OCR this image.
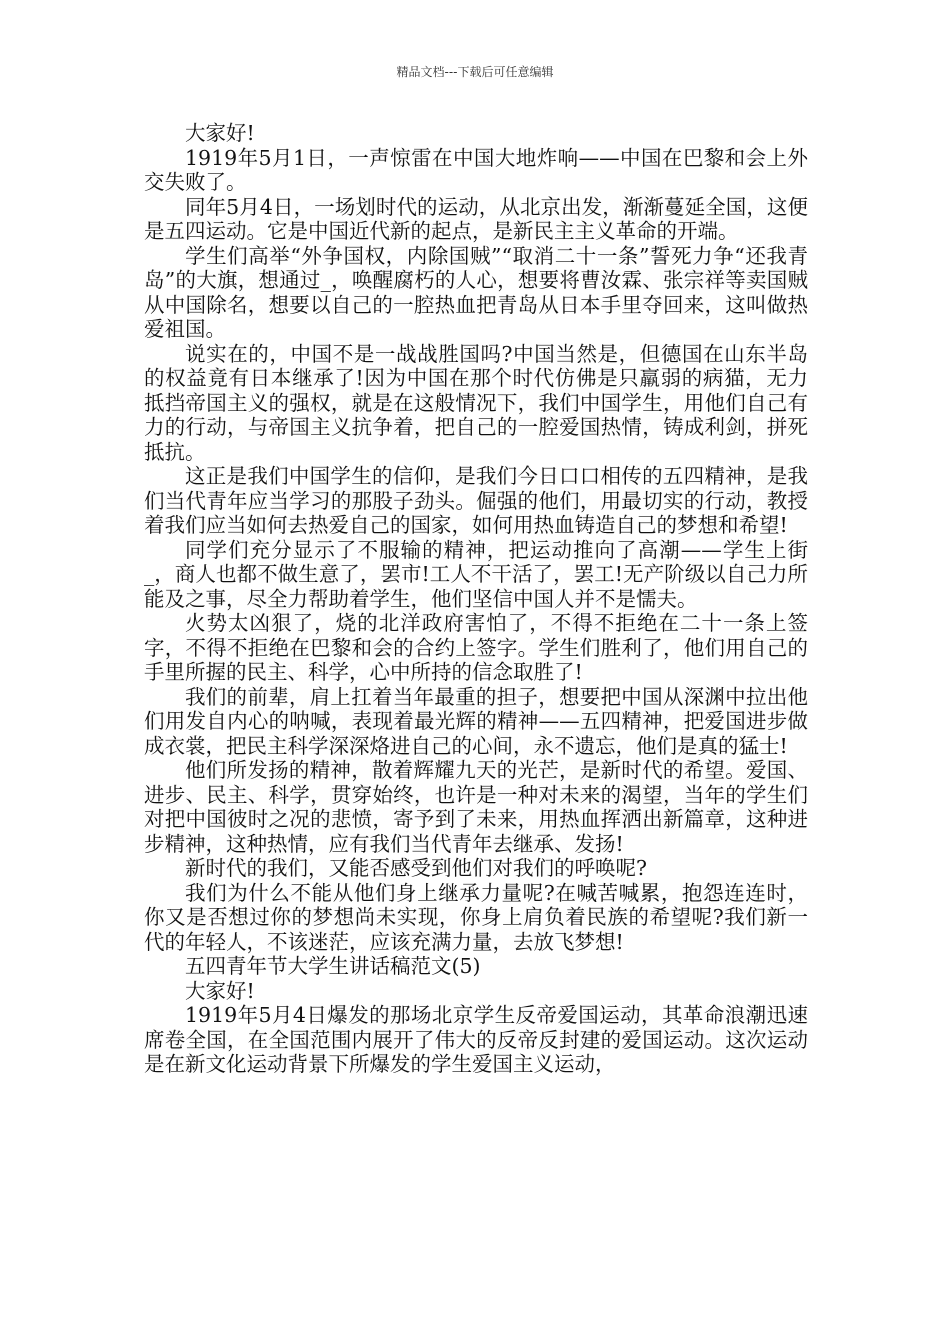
精品文档---下载后可任意编辑

大家好!

1919年5月1日，一声惊雷在中国大地炸响——中国在巴黎和会上外交失败了。

同年5月4日，一场划时代的运动，从北京出发，渐渐蔓延全国，这便是五四运动。它是中国近代新的起点，是新民主主义革命的开端。

学生们高举“外争国权，内除国贼”“取消二十一条”誓死力争“还我青岛”的大旗，想通过_，唤醒腐朽的人心，想要将曹汝霖、张宗祥等卖国贼从中国除名，想要以自己的一腔热血把青岛从日本手里夺回来，这叫做热爱祖国。

说实在的，中国不是一战战胜国吗?中国当然是，但德国在山东半岛的权益竟有日本继承了!因为中国在那个时代仿佛是只羸弱的病猫，无力抵挡帝国主义的强权，就是在这般情况下，我们中国学生，用他们自己有力的行动，与帝国主义抗争着，把自己的一腔爱国热情，铸成利剑，拼死抵抗。

这正是我们中国学生的信仰，是我们今日口口相传的五四精神，是我们当代青年应当学习的那股子劲头。倔强的他们，用最切实的行动，教授着我们应当如何去热爱自己的国家，如何用热血铸造自己的梦想和希望!

同学们充分显示了不服输的精神，把运动推向了高潮——学生上街_，商人也都不做生意了，罢市!工人不干活了，罢工!无产阶级以自己力所能及之事，尽全力帮助着学生，他们坚信中国人并不是懦夫。

火势太凶狠了，烧的北洋政府害怕了，不得不拒绝在二十一条上签字，不得不拒绝在巴黎和会的合约上签字。学生们胜利了，他们用自己的手里所握的民主、科学，心中所持的信念取胜了!

我们的前辈，肩上扛着当年最重的担子，想要把中国从深渊中拉出他们用发自内心的呐喊，表现着最光辉的精神——五四精神，把爱国进步做成衣裳，把民主科学深深烙进自己的心间，永不遗忘，他们是真的猛士!

他们所发扬的精神，散着辉耀九天的光芒，是新时代的希望。爱国、进步、民主、科学，贯穿始终，也许是一种对未来的渴望，当年的学生们对把中国彼时之况的悲愤，寄予到了未来，用热血挥洒出新篇章，这种进步精神，这种热情，应有我们当代青年去继承、发扬!

新时代的我们，又能否感受到他们对我们的呼唤呢?

我们为什么不能从他们身上继承力量呢?在喊苦喊累，抱怨连连时，你又是否想过你的梦想尚未实现，你身上肩负着民族的希望呢?我们新一代的年轻人，不该迷茫，应该充满力量，去放飞梦想!

五四青年节大学生讲话稿范文(5)

大家好!

1919年5月4日爆发的那场北京学生反帝爱国运动，其革命浪潮迅速席卷全国，在全国范围内展开了伟大的反帝反封建的爱国运动。这次运动是在新文化运动背景下所爆发的学生爱国主义运动，
